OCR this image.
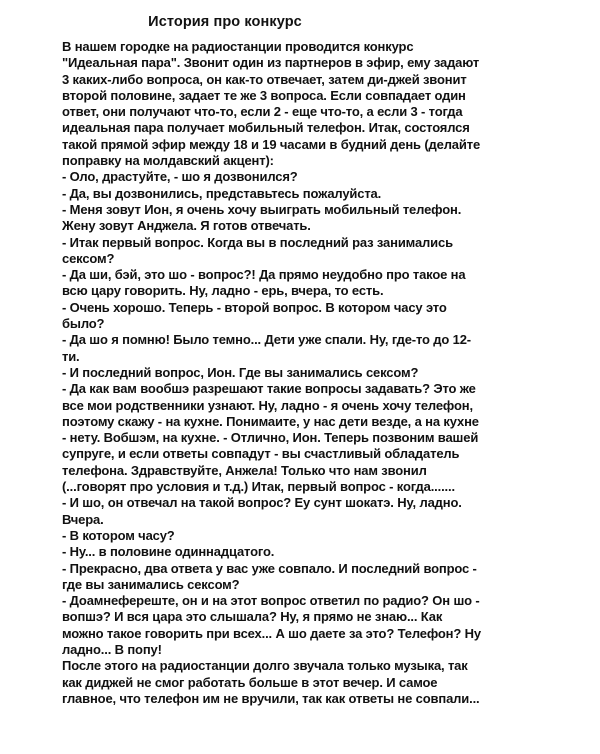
История про конкурс
В нашем городке на радиостанции проводится конкурс
"Идеальная пара". Звонит один из партнеров в эфир, ему задают
3 каких-либо вопроса, он как-то отвечает, затем ди-джей звонит
второй половине, задает те же 3 вопроса. Если совпадает один
ответ, они получают что-то, если 2 - еще что-то, а если 3 - тогда
идеальная пара получает мобильный телефон. Итак, состоялся
такой прямой эфир между 18 и 19 часами в будний день (делайте
поправку на молдавский акцент):
- Оло, драстуйте, - шо я дозвонился?
- Да, вы дозвонились, представьтесь пожалуйста.
- Меня зовут Ион, я очень хочу выиграть мобильный телефон.
Жену зовут Анджела. Я готов отвечать.
- Итак первый вопрос. Когда вы в последний раз занимались
сексом?
- Да ши, бэй, это шо - вопрос?! Да прямо неудобно про такое на
всю цару говорить. Ну, ладно - ерь, вчера, то есть.
- Очень хорошо. Теперь - второй вопрос. В котором часу это
было?
- Да шо я помню! Было темно... Дети уже спали. Ну, где-то до 12-
ти.
- И последний вопрос, Ион. Где вы занимались сексом?
- Да как вам вообшэ разрешают такие вопросы задавать? Это же
все мои родственники узнают. Ну, ладно - я очень хочу телефон,
поэтому скажу - на кухне. Понимаите, у нас дети везде, а на кухне
- нету. Вобшэм, на кухне. - Отлично, Ион. Теперь позвоним вашей
супруге, и если ответы совпадут - вы счастливый обладатель
телефона. Здравствуйте, Анжела! Только что нам звонил
(...говорят про условия и т.д.) Итак, первый вопрос - когда.......
- И шо, он отвечал на такой вопрос? Еу сунт шокатэ. Ну, ладно.
Вчера.
- В котором часу?
- Ну... в половине одиннадцатого.
- Прекрасно, два ответа у вас уже совпало. И последний вопрос -
где вы занимались сексом?
- Доамнефереште, он и на этот вопрос ответил по радио? Он шо -
вопшэ? И вся цара это слышала? Ну, я прямо не знаю... Как
можно такое говорить при всех... А шо даете за это? Телефон? Ну
ладно... В попу!
После этого на радиостанции долго звучала только музыка, так
как диджей не смог работать больше в этот вечер. И самое
главное, что телефон им не вручили, так как ответы не совпали...
